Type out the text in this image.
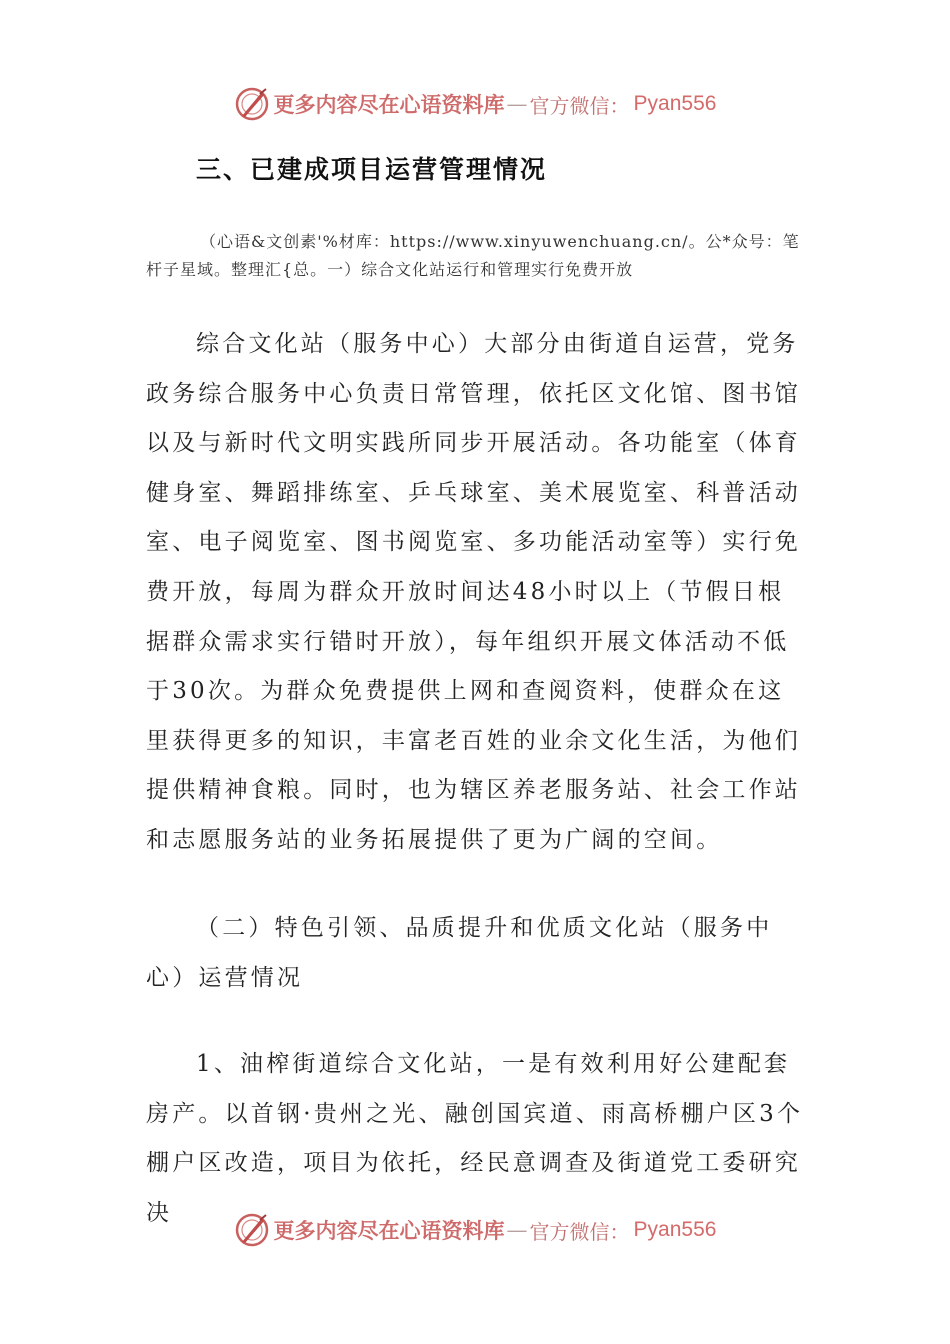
更多内容尽在心语资料库 — 官方微信： Pyan556
三、已建成项目运营管理情况

（心语&文创素'%材库：https://www.xinyuwenchuang.cn/。公*众号：笔杆子星域。整理汇{总。一）综合文化站运行和管理实行免费开放

综合文化站（服务中心）大部分由街道自运营，党务政务综合服务中心负责日常管理，依托区文化馆、图书馆以及与新时代文明实践所同步开展活动。各功能室（体育健身室、舞蹈排练室、乒乓球室、美术展览室、科普活动室、电子阅览室、图书阅览室、多功能活动室等）实行免费开放，每周为群众开放时间达48小时以上（节假日根据群众需求实行错时开放），每年组织开展文体活动不低于30次。为群众免费提供上网和查阅资料，使群众在这里获得更多的知识，丰富老百姓的业余文化生活，为他们提供精神食粮。同时，也为辖区养老服务站、社会工作站和志愿服务站的业务拓展提供了更为广阔的空间。

（二）特色引领、品质提升和优质文化站（服务中心）运营情况

1、油榨街道综合文化站，一是有效利用好公建配套房产。以首钢·贵州之光、融创国宾道、雨高桥棚户区3个棚户区改造，项目为依托，经民意调查及街道党工委研究决

更多内容尽在心语资料库 — 官方微信： Pyan556
